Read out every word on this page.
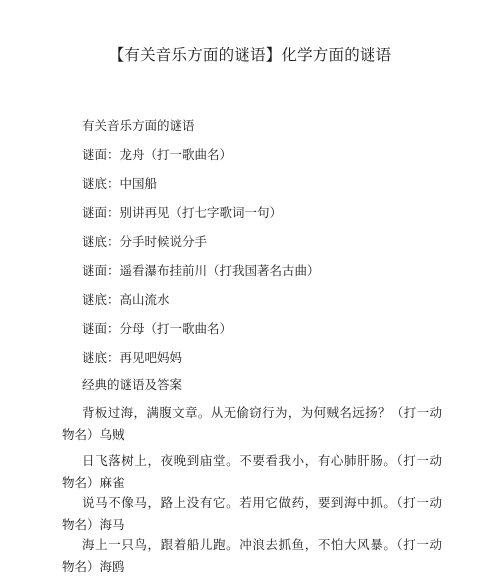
【有关音乐方面的谜语】化学方面的谜语

有关音乐方面的谜语

谜面：龙舟（打一歌曲名）

谜底：中国船

谜面：别讲再见（打七字歌词一句）

谜底：分手时候说分手

谜面：遥看瀑布挂前川（打我国著名古曲）

谜底：高山流水

谜面：分母（打一歌曲名）

谜底：再见吧妈妈

经典的谜语及答案

背板过海，满腹文章。从无偷窃行为，为何贼名远扬？（打一动物名）乌贼

日飞落树上，夜晚到庙堂。不要看我小，有心肺肝肠。（打一动 物名）麻雀

说马不像马，路上没有它。若用它做药，要到海中抓。（打一动 物名）海马

海上一只鸟，跟着船儿跑。冲浪去抓鱼，不怕大风暴。（打一动 物名）海鸥
